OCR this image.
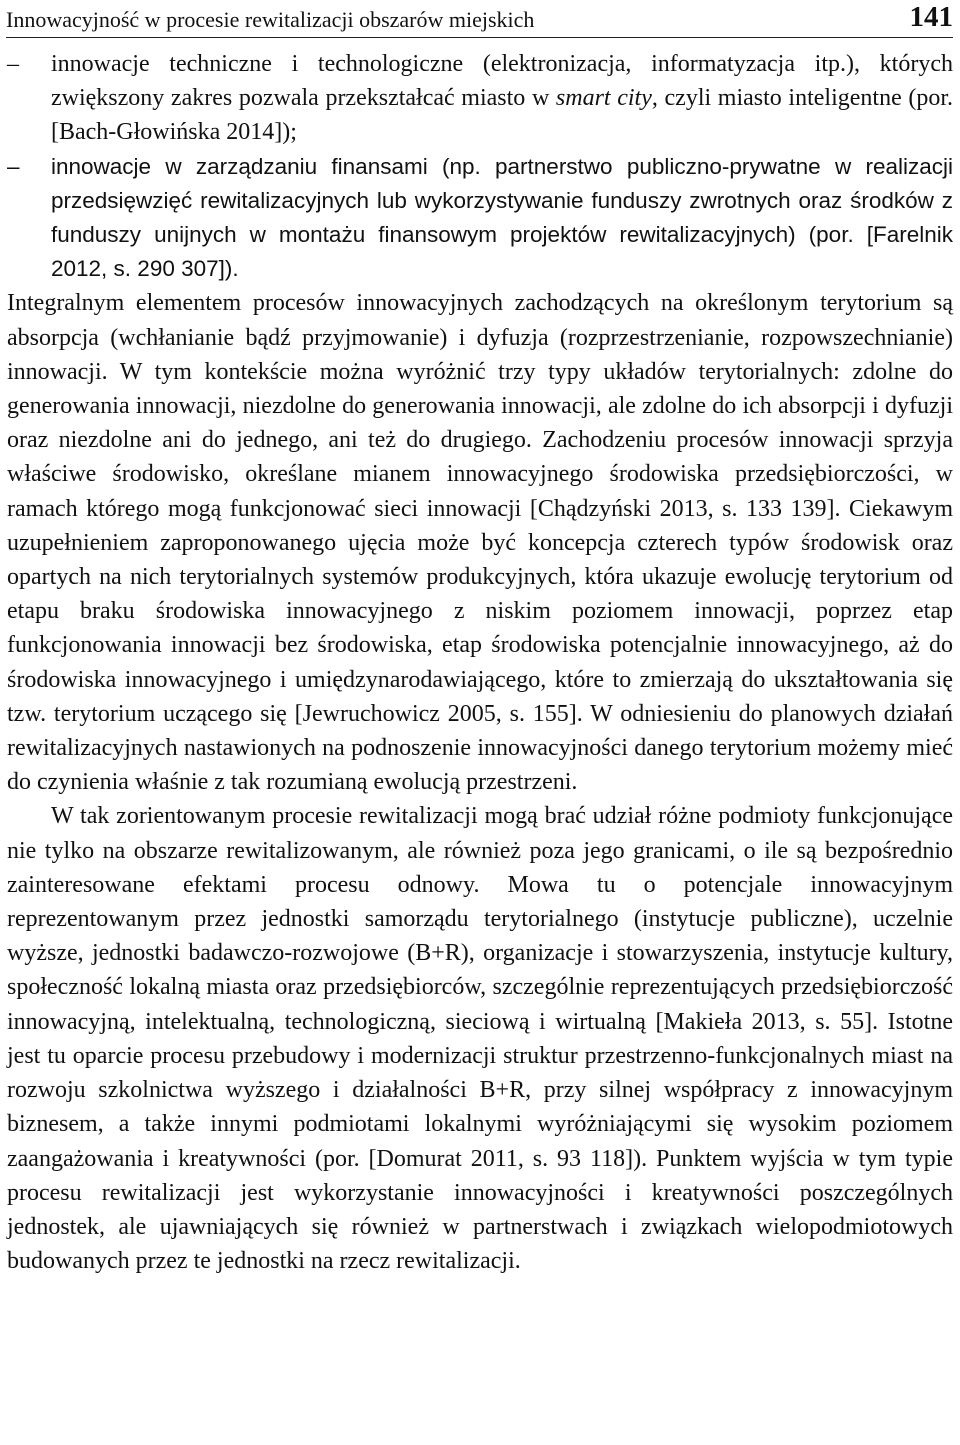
Innowacyjność w procesie rewitalizacji obszarów miejskich	141
– innowacje techniczne i technologiczne (elektronizacja, informatyzacja itp.), których zwiększony zakres pozwala przekształcać miasto w smart city, czyli miasto inteligentne (por. [Bach-Głowińska 2014]);
– innowacje w zarządzaniu finansami (np. partnerstwo publiczno-prywatne w realizacji przedsięwzięć rewitalizacyjnych lub wykorzystywanie funduszy zwrotnych oraz środków z funduszy unijnych w montażu finansowym projektów rewitalizacyjnych) (por. [Farelnik 2012, s. 290 307]).

Integralnym elementem procesów innowacyjnych zachodzących na określonym terytorium są absorpcja (wchłanianie bądź przyjmowanie) i dyfuzja (rozprzestrzenianie, rozpowszechnianie) innowacji. W tym kontekście można wyróżnić trzy typy układów terytorialnych: zdolne do generowania innowacji, niezdolne do generowania innowacji, ale zdolne do ich absorpcji i dyfuzji oraz niezdolne ani do jednego, ani też do drugiego. Zachodzeniu procesów innowacji sprzyja właściwe środowisko, określane mianem innowacyjnego środowiska przedsiębiorczości, w ramach którego mogą funkcjonować sieci innowacji [Chądzyński 2013, s. 133 139]. Ciekawym uzupełnieniem zaproponowanego ujęcia może być koncepcja czterech typów środowisk oraz opartych na nich terytorialnych systemów produkcyjnych, która ukazuje ewolucję terytorium od etapu braku środowiska innowacyjnego z niskim poziomem innowacji, poprzez etap funkcjonowania innowacji bez środowiska, etap środowiska potencjalnie innowacyjnego, aż do środowiska innowacyjnego i umiędzynarodawiającego, które to zmierzają do ukształtowania się tzw. terytorium uczącego się [Jewruchowicz 2005, s. 155]. W odniesieniu do planowych działań rewitalizacyjnych nastawionych na podnoszenie innowacyjności danego terytorium możemy mieć do czynienia właśnie z tak rozumianą ewolucją przestrzeni.

W tak zorientowanym procesie rewitalizacji mogą brać udział różne podmioty funkcjonujące nie tylko na obszarze rewitalizowanym, ale również poza jego granicami, o ile są bezpośrednio zainteresowane efektami procesu odnowy. Mowa tu o potencjale innowacyjnym reprezentowanym przez jednostki samorządu terytorialnego (instytucje publiczne), uczelnie wyższe, jednostki badawczo-rozwojowe (B+R), organizacje i stowarzyszenia, instytucje kultury, społeczność lokalną miasta oraz przedsiębiorców, szczególnie reprezentujących przedsiębiorczość innowacyjną, intelektualną, technologiczną, sieciową i wirtualną [Makieła 2013, s. 55]. Istotne jest tu oparcie procesu przebudowy i modernizacji struktur przestrzenno-funkcjonalnych miast na rozwoju szkolnictwa wyższego i działalności B+R, przy silnej współpracy z innowacyjnym biznesem, a także innymi podmiotami lokalnymi wyróżniającymi się wysokim poziomem zaangażowania i kreatywności (por. [Domurat 2011, s. 93 118]). Punktem wyjścia w tym typie procesu rewitalizacji jest wykorzystanie innowacyjności i kreatywności poszczególnych jednostek, ale ujawniających się również w partnerstwach i związkach wielopodmiotowych budowanych przez te jednostki na rzecz rewitalizacji.
